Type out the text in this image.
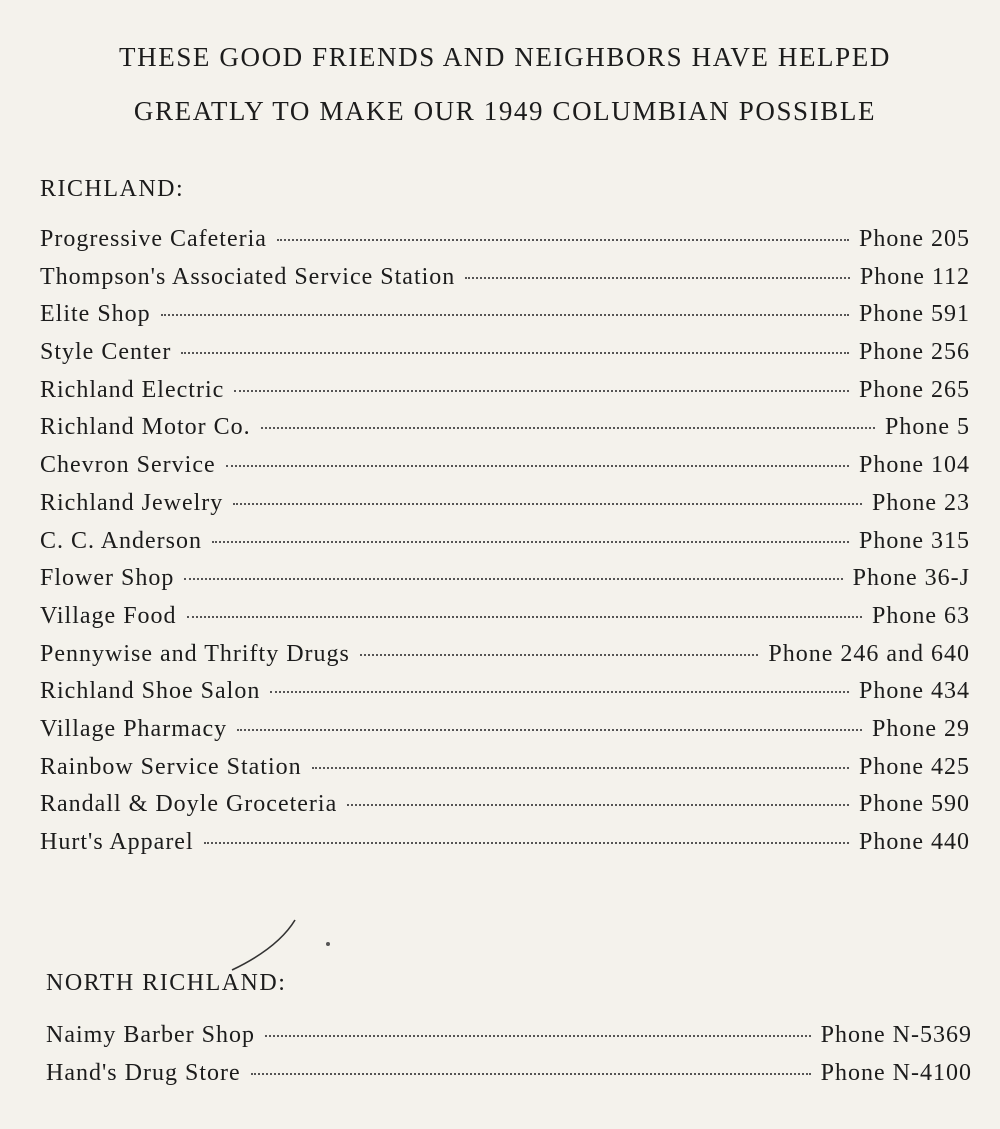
THESE GOOD FRIENDS AND NEIGHBORS HAVE HELPED
GREATLY TO MAKE OUR 1949 COLUMBIAN POSSIBLE
RICHLAND:
Progressive Cafeteria	Phone 205
Thompson's Associated Service Station	Phone 112
Elite Shop	Phone 591
Style Center	Phone 256
Richland Electric	Phone 265
Richland Motor Co.	Phone 5
Chevron Service	Phone 104
Richland Jewelry	Phone 23
C. C. Anderson	Phone 315
Flower Shop	Phone 36-J
Village Food	Phone 63
Pennywise and Thrifty Drugs	Phone 246 and 640
Richland Shoe Salon	Phone 434
Village Pharmacy	Phone 29
Rainbow Service Station	Phone 425
Randall & Doyle Groceteria	Phone 590
Hurt's Apparel	Phone 440
NORTH RICHLAND:
Naimy Barber Shop	Phone N-5369
Hand's Drug Store	Phone N-4100
